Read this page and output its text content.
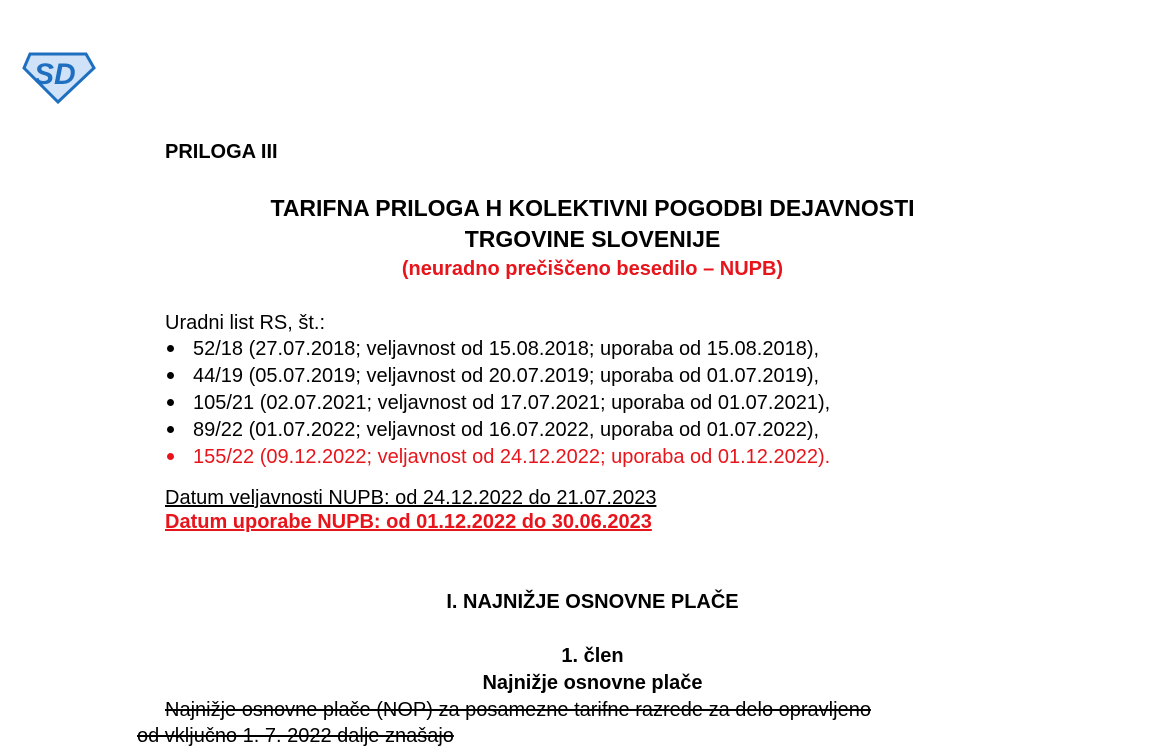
SD
PRILOGA III
TARIFNA PRILOGA H KOLEKTIVNI POGODBI DEJAVNOSTI
TRGOVINE SLOVENIJE
(neuradno prečiščeno besedilo – NUPB)
Uradni list RS, št.:
52/18 (27.07.2018; veljavnost od 15.08.2018; uporaba od 15.08.2018),
44/19 (05.07.2019; veljavnost od 20.07.2019; uporaba od 01.07.2019),
105/21 (02.07.2021; veljavnost od 17.07.2021; uporaba od 01.07.2021),
89/22 (01.07.2022; veljavnost od 16.07.2022, uporaba od 01.07.2022),
155/22 (09.12.2022; veljavnost od 24.12.2022; uporaba od 01.12.2022).
Datum veljavnosti NUPB: od 24.12.2022 do 21.07.2023
Datum uporabe NUPB: od 01.12.2022 do 30.06.2023
I. NAJNIŽJE OSNOVNE PLAČE
1. člen
Najnižje osnovne plače
Najnižje osnovne plače (NOP) za posamezne tarifne razrede za delo opravljeno
od vključno 1. 7. 2022 dalje znašajo
